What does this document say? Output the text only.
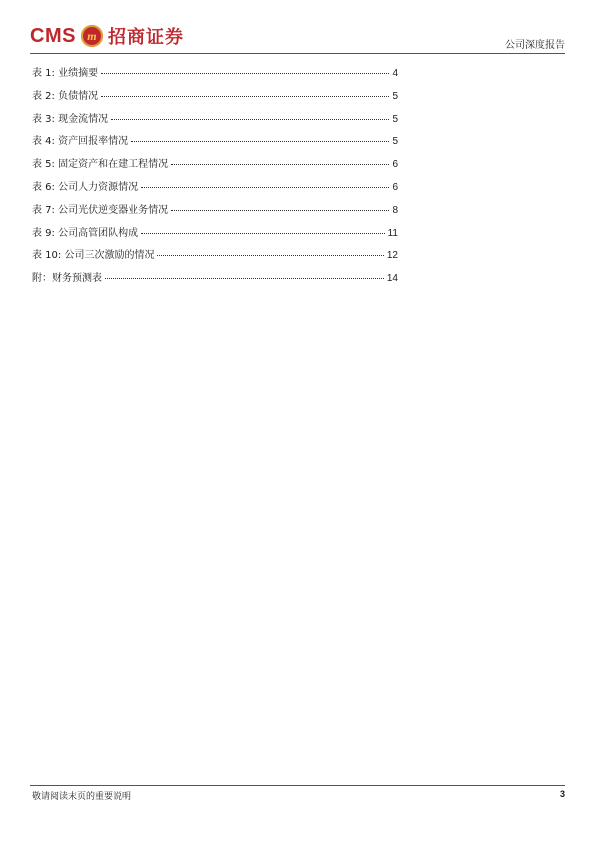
CMS m 招商证券	公司深度报告
表 1: 业绩摘要	4
表 2: 负债情况	5
表 3: 现金流情况	5
表 4: 资产回报率情况	5
表 5: 固定资产和在建工程情况	6
表 6: 公司人力资源情况	6
表 7: 公司光伏逆变器业务情况	8
表 9: 公司高管团队构成	11
表 10: 公司三次激励的情况	12
附：财务预测表	14
敬请阅读末页的重要说明	3
